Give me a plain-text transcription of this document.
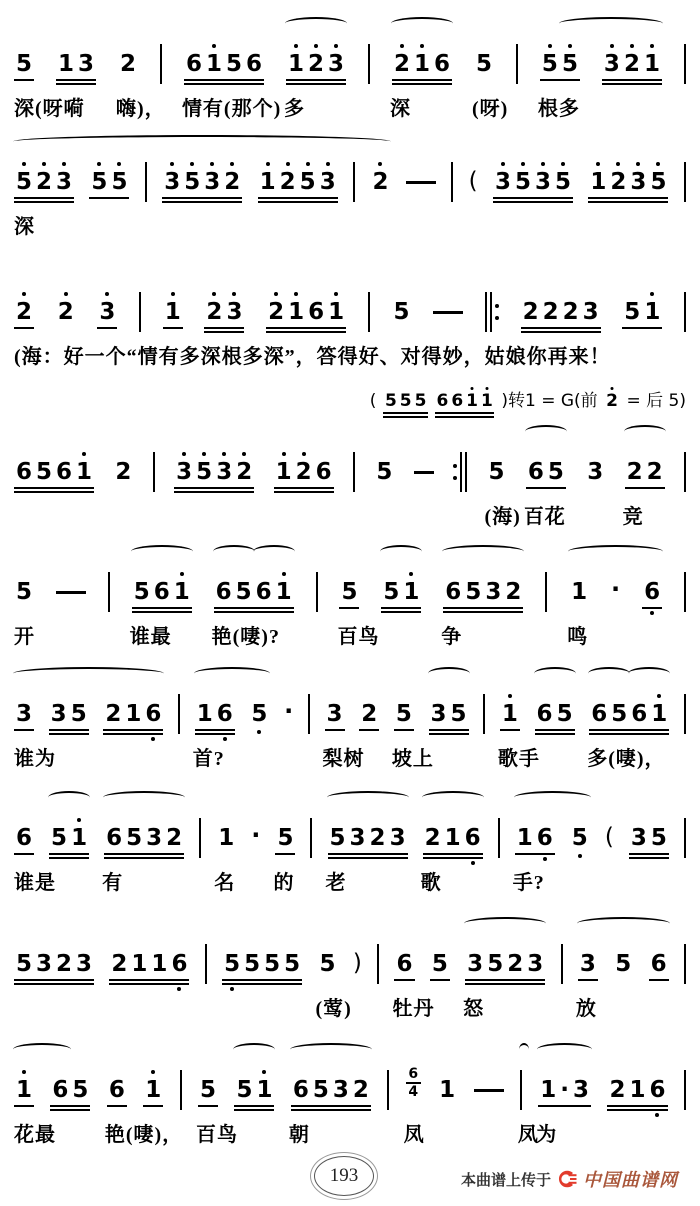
5 1 3 2 6 1 5 6 1 2 3 2 1 6 5 5 5 3 2 1
深(呀嗬 嗨)， 情有(那个) 多	深	(呀) 根多
5 2 3 5 5 3 5 3 2 1 2 5 3 2	( 3 5 3 5 1 2 3 5
深
2 2 3 1 2 3 2 1 6 1 5	2 2 2 3 5 1
(海：好一个“情有多深根多深”，答得好、对得妙，姑娘你再来！
( 5 5 5 6 6 1 1 )转1 = G(前 2 = 后 5)
6 5 6 1 2 3 5 3 2 1 2 6 5	5 6 5 3 2 2
(海) 百花	竞
5	5 6 1 6 5 6 1 5 5 1 6 5 3 2 1 · 6
开	谁最 艳(啛)?	百鸟	争	鸣
3 3 5 2 1 6 1 6 5 · 3 2 5 3 5 1 6 5 6 5 6 1
谁为	首?	梨树 坡上	歌手 多(啛)，
6 5 1 6 5 3 2 1 · 5 5 3 2 3 2 1 6 1 6 5 ( 3 5
谁是 有	名 的 老	歌	手?
5 3 2 3 2 1 1 6 5 5 5 5 5 ) 6 5 3 5 2 3 3 5 6
(莺) 牡丹 怒	放
1 6 5 6 1 5 5 1 6 5 3 2
6
4 1	1 · 3 2 1 6
花最 艳(啛)， 百鸟	朝	凤	凤
为
193	本曲谱上传于 中国曲谱网
